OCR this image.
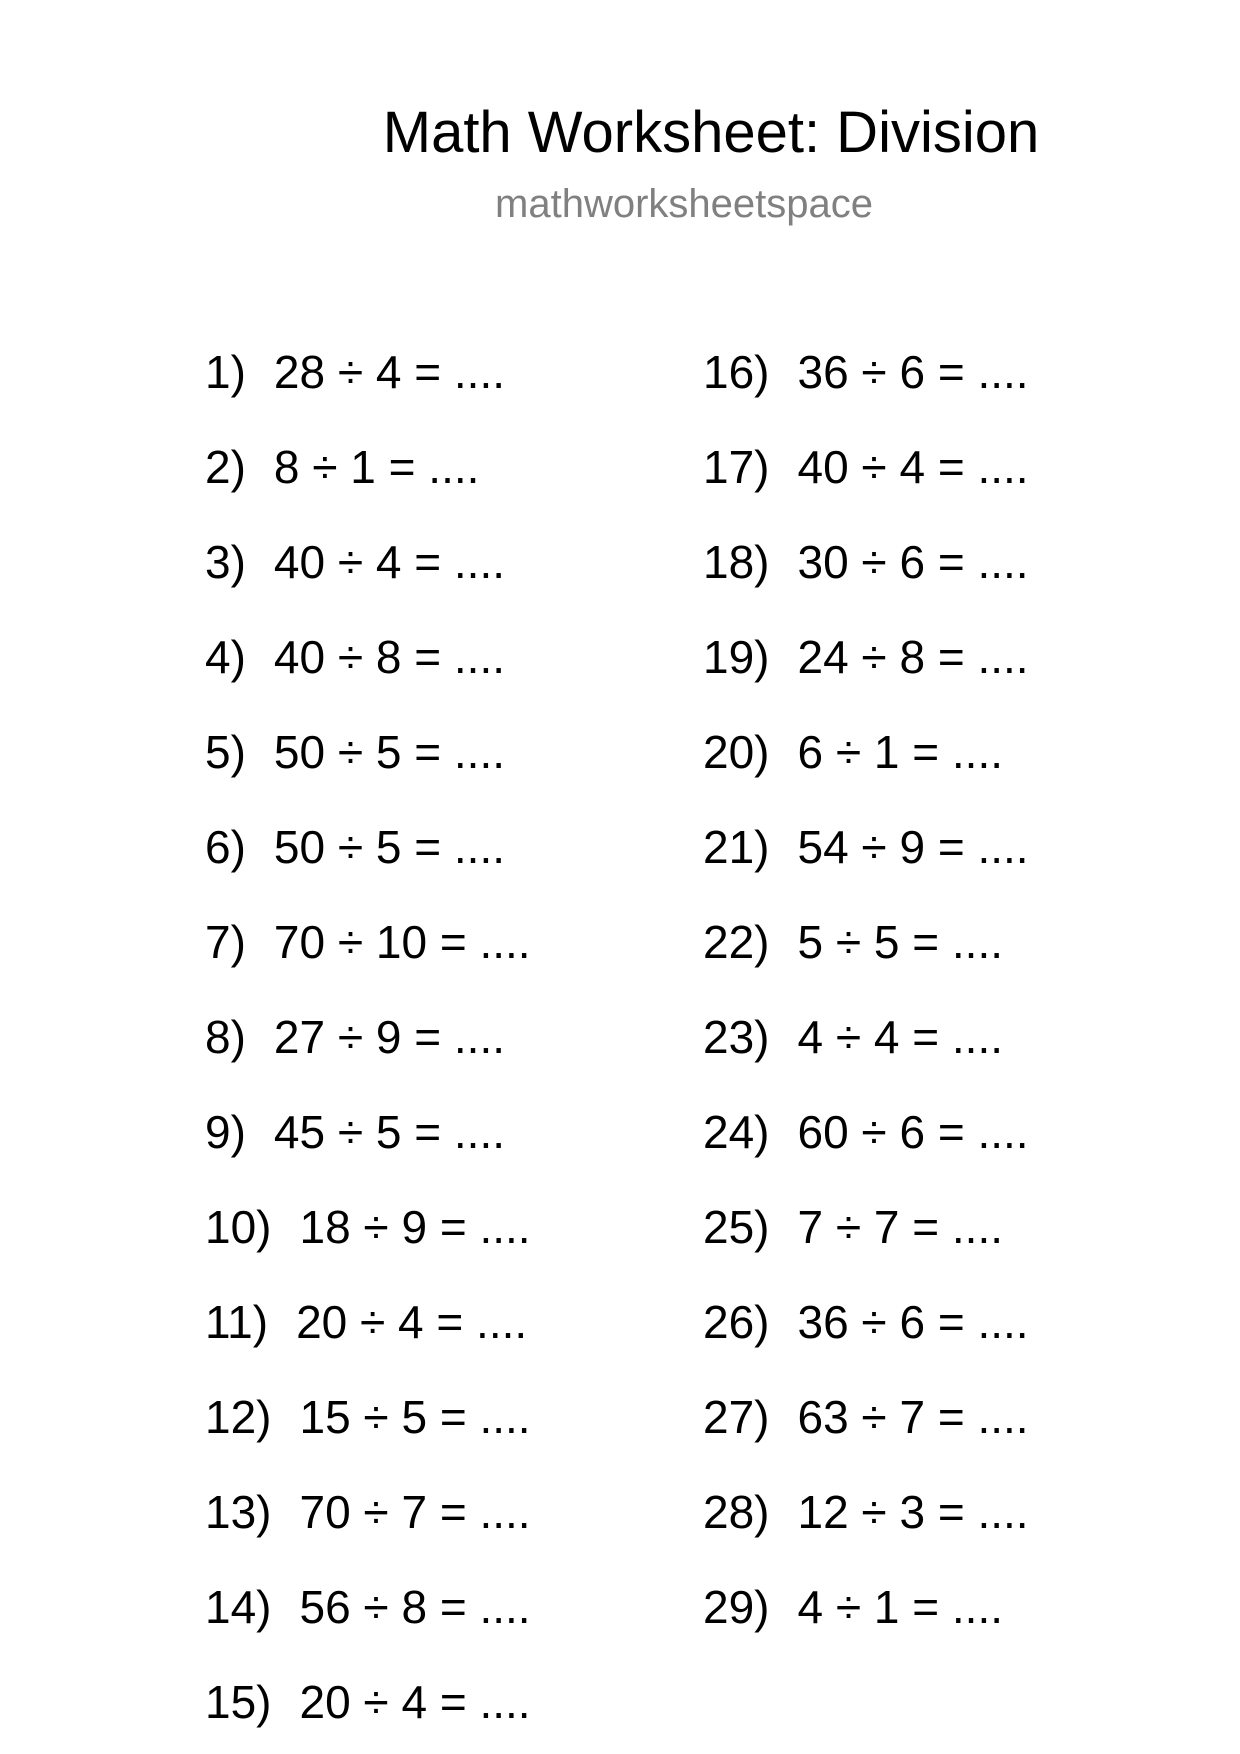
Math Worksheet: Division
mathworksheetspace
1) 28 ÷ 4 = ....
2) 8 ÷ 1 = ....
3) 40 ÷ 4 = ....
4) 40 ÷ 8 = ....
5) 50 ÷ 5 = ....
6) 50 ÷ 5 = ....
7) 70 ÷ 10 = ....
8) 27 ÷ 9 = ....
9) 45 ÷ 5 = ....
10) 18 ÷ 9 = ....
11) 20 ÷ 4 = ....
12) 15 ÷ 5 = ....
13) 70 ÷ 7 = ....
14) 56 ÷ 8 = ....
15) 20 ÷ 4 = ....
16) 36 ÷ 6 = ....
17) 40 ÷ 4 = ....
18) 30 ÷ 6 = ....
19) 24 ÷ 8 = ....
20) 6 ÷ 1 = ....
21) 54 ÷ 9 = ....
22) 5 ÷ 5 = ....
23) 4 ÷ 4 = ....
24) 60 ÷ 6 = ....
25) 7 ÷ 7 = ....
26) 36 ÷ 6 = ....
27) 63 ÷ 7 = ....
28) 12 ÷ 3 = ....
29) 4 ÷ 1 = ....
